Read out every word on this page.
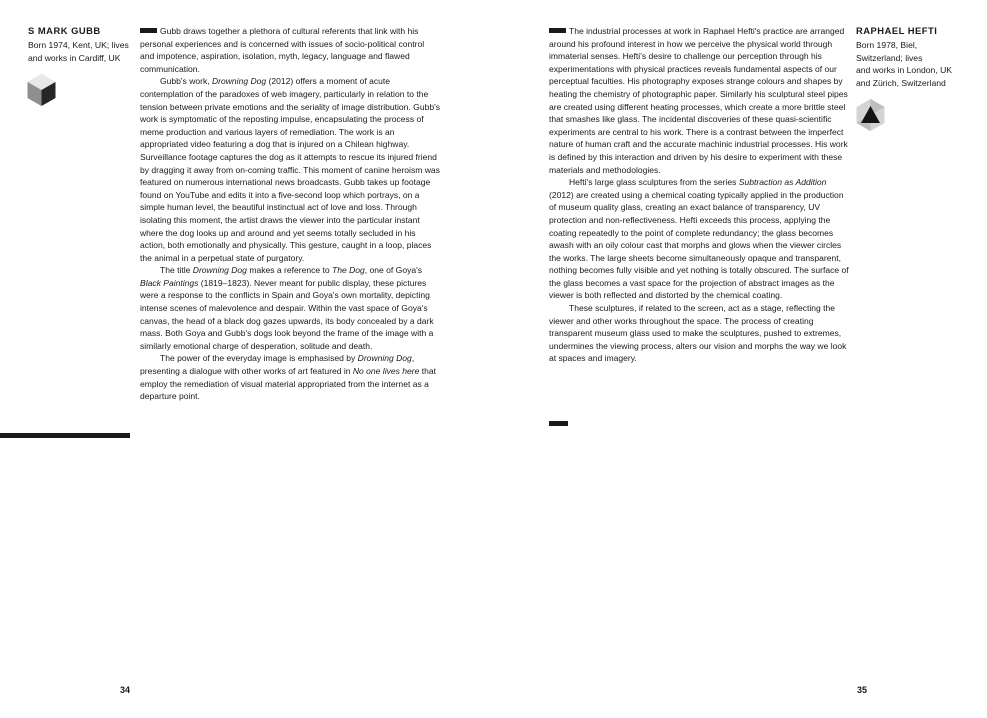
S MARK GUBB
Born 1974, Kent, UK; lives
and works in Cardiff, UK

Gubb draws together a plethora of cultural referents that link with his personal experiences and is concerned with issues of socio-political control and impotence, aspiration, isolation, myth, legacy, language and flawed communication.

Gubb's work, Drowning Dog (2012) offers a moment of acute contemplation of the paradoxes of web imagery, particularly in relation to the tension between private emotions and the seriality of image distribution. Gubb's work is symptomatic of the reposting impulse, encapsulating the process of meme production and various layers of remediation. The work is an appropriated video featuring a dog that is injured on a Chilean highway. Surveillance footage captures the dog as it attempts to rescue its injured friend by dragging it away from on-coming traffic. This moment of canine heroism was featured on numerous international news broadcasts. Gubb takes up footage found on YouTube and edits it into a five-second loop which portrays, on a simple human level, the beautiful instinctual act of love and loss. Through isolating this moment, the artist draws the viewer into the particular instant where the dog looks up and around and yet seems totally secluded in his action, both emotionally and physically. This gesture, caught in a loop, places the animal in a perpetual state of purgatory.

The title Drowning Dog makes a reference to The Dog, one of Goya's Black Paintings (1819–1823). Never meant for public display, these pictures were a response to the conflicts in Spain and Goya's own mortality, depicting intense scenes of malevolence and despair. Within the vast space of Goya's canvas, the head of a black dog gazes upwards, its body concealed by a dark mass. Both Goya and Gubb's dogs look beyond the frame of the image with a similarly emotional charge of desperation, solitude and death.

The power of the everyday image is emphasised by Drowning Dog, presenting a dialogue with other works of art featured in No one lives here that employ the remediation of visual material appropriated from the internet as a departure point.

34

The industrial processes at work in Raphael Hefti's practice are arranged around his profound interest in how we perceive the physical world through immaterial senses. Hefti's desire to challenge our perception through his experimentations with physical practices reveals fundamental aspects of our perceptual faculties. His photography exposes strange colours and shapes by heating the chemistry of photographic paper. Similarly his sculptural steel pipes are created using different heating processes, which create a more brittle steel that smashes like glass. The incidental discoveries of these quasi-scientific experiments are central to his work. There is a contrast between the imperfect nature of human craft and the accurate machinic industrial processes. His work is defined by this interaction and driven by his desire to experiment with these materials and methodologies.

Hefti's large glass sculptures from the series Subtraction as Addition (2012) are created using a chemical coating typically applied in the production of museum quality glass, creating an exact balance of transparency, UV protection and non-reflectiveness. Hefti exceeds this process, applying the coating repeatedly to the point of complete redundancy; the glass becomes awash with an oily colour cast that morphs and glows when the viewer circles the works. The large sheets become simultaneously opaque and transparent, nothing becomes fully visible and yet nothing is totally obscured. The surface of the glass becomes a vast space for the projection of abstract images as the viewer is both reflected and distorted by the chemical coating.

These sculptures, if related to the screen, act as a stage, reflecting the viewer and other works throughout the space. The process of creating transparent museum glass used to make the sculptures, pushed to extremes, undermines the viewing process, alters our vision and morphs the way we look at spaces and imagery.

RAPHAEL HEFTI
Born 1978, Biel,
Switzerland; lives
and works in London, UK
and Zürich, Switzerland
35
